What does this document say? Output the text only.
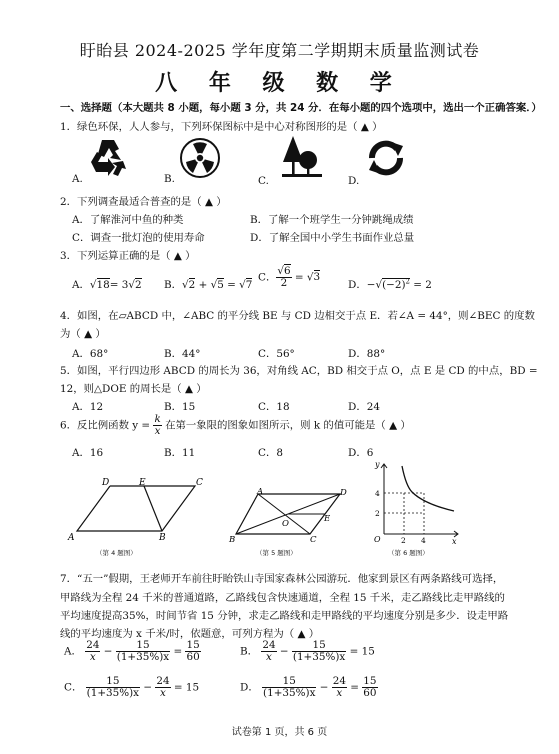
盱眙县 2024-2025 学年度第二学期期末质量监测试卷
八 年 级 数 学
一、选择题（本大题共 8 小题，每小题 3 分，共 24 分．在每小题的四个选项中，选出一个正确答案．）
1．绿色环保，人人参与，下列环保图标中是中心对称图形的是（ ▲ ）
A.	B.	C.	D.
2．下列调查最适合普查的是（ ▲ ）
A．了解淮河中鱼的种类	B．了解一个班学生一分钟跳绳成绩
C．调查一批灯泡的使用寿命	D．了解全国中小学生书面作业总量
3．下列运算正确的是（ ▲ ）
A．√18= 3√2 B．√2 + √5 = √7
C． $\frac{√6}{2} = √3$
D．$-√(-2)^2 = 2$
4．如图，在▱ABCD 中，∠ABC 的平分线 BE 与 CD 边相交于点 E．若∠A = 44°，则∠BEC 的度数
为（ ▲ ）
A．68°	B．44°	C．56°	D．88°
5．如图，平行四边形 ABCD 的周长为 36，对角线 AC，BD 相交于点 O，点 E 是 CD 的中点，BD =
12，则△DOE 的周长是（ ▲ ）
A．12	B．15	C．18	D．24
6．反比例函数 $y = \frac{k}{x}$ 在第一象限的图象如图所示，则 k 的值可能是（ ▲ ）
A．16	B．11	C．8	D．6
D	E	C
A	B
（第 4 题图）
A	D
O	E
B	C
（第 5 题图）
y
x
O
4
2
2 4
（第 6 题图）
7．“五一”假期，王老师开车前往盱眙铁山寺国家森林公园游玩．他家到景区有两条路线可选择，
甲路线为全程 24 千米的普通道路，乙路线包含快速通道，全程 15 千米，走乙路线比走甲路线的
平均速度提高35%，时间节省 15 分钟，求走乙路线和走甲路线的平均速度分别是多少．设走甲路
线的平均速度为 x 千米/时，依题意，可列方程为（ ▲ ）
A． $\frac{24}{x} - \frac{15}{(1+35\%)x} = \frac{15}{60}$	B． $\frac{24}{x} - \frac{15}{(1+35\%)x} = 15$
C． $\frac{15}{(1+35\%)x} - \frac{24}{x} = 15$	D． $\frac{15}{(1+35\%)x} - \frac{24}{x} = \frac{15}{60}$
试卷第 1 页，共 6 页
